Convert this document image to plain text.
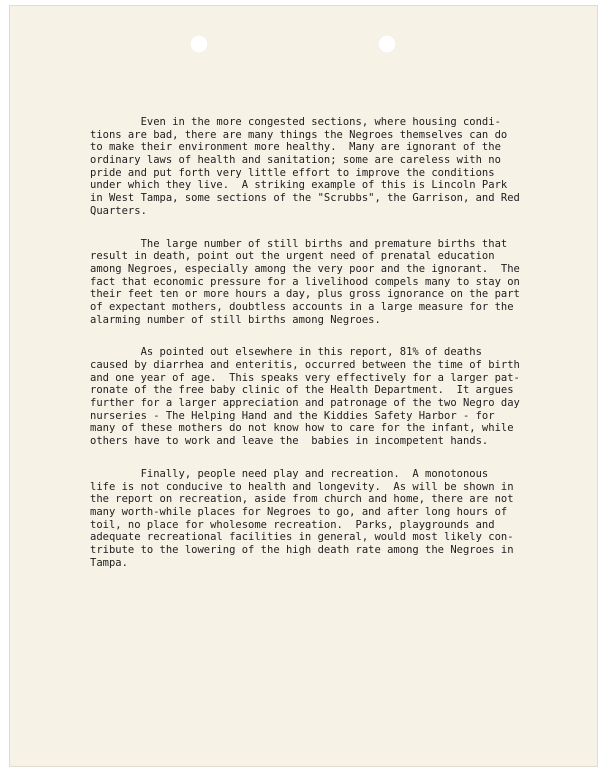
Even in the more congested sections, where housing condi-
tions are bad, there are many things the Negroes themselves can do
to make their environment more healthy.  Many are ignorant of the
ordinary laws of health and sanitation; some are careless with no
pride and put forth very little effort to improve the conditions
under which they live.  A striking example of this is Lincoln Park
in West Tampa, some sections of the "Scrubbs", the Garrison, and Red
Quarters.
The large number of still births and premature births that
result in death, point out the urgent need of prenatal education
among Negroes, especially among the very poor and the ignorant.  The
fact that economic pressure for a livelihood compels many to stay on
their feet ten or more hours a day, plus gross ignorance on the part
of expectant mothers, doubtless accounts in a large measure for the
alarming number of still births among Negroes.
As pointed out elsewhere in this report, 81% of deaths
caused by diarrhea and enteritis, occurred between the time of birth
and one year of age.  This speaks very effectively for a larger pat-
ronate of the free baby clinic of the Health Department.  It argues
further for a larger appreciation and patronage of the two Negro day
nurseries - The Helping Hand and the Kiddies Safety Harbor - for
many of these mothers do not know how to care for the infant, while
others have to work and leave the  babies in incompetent hands.
Finally, people need play and recreation.  A monotonous
life is not conducive to health and longevity.  As will be shown in
the report on recreation, aside from church and home, there are not
many worth-while places for Negroes to go, and after long hours of
toil, no place for wholesome recreation.  Parks, playgrounds and
adequate recreational facilities in general, would most likely con-
tribute to the lowering of the high death rate among the Negroes in
Tampa.
